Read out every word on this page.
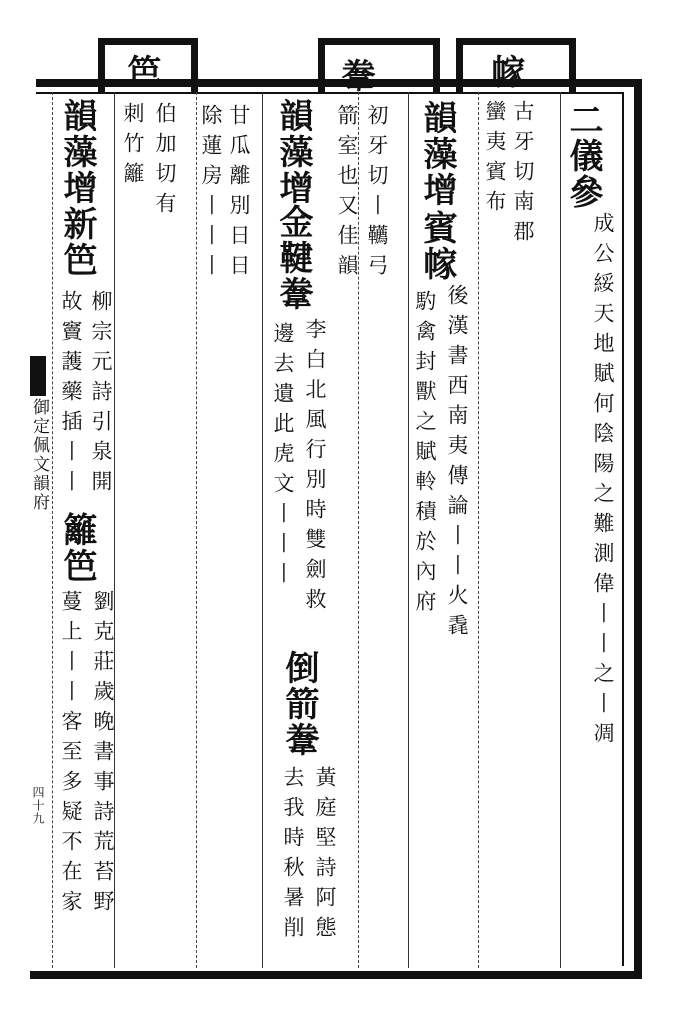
二儀參
成公綏天地賦何陰陽之難測偉丨丨之丨凋
幏
古牙切南郡
蠻夷賓布
韻藻增
賓幏
後漢書西南夷傳論丨丨火毳
馰禽封獸之賦軨積於內府
韏
初牙切丨韉弓
箭室也又佳韻
韻藻增
金鞬韏
李白北風行別時雙劍救
邊去遺此虎文丨丨丨
倒箭韏
黃庭堅詩阿態
去我時秋暑削
甘瓜離別日日
除蓮房丨丨丨
笆
伯加切有
刺竹籬
韻藻增新笆
柳宗元詩引泉開
故竇䕶藥插丨丨
籬笆
劉克莊歲晚書事詩荒苔野
蔓上丨丨客至多疑不在家
御定佩文韻府
四十九
